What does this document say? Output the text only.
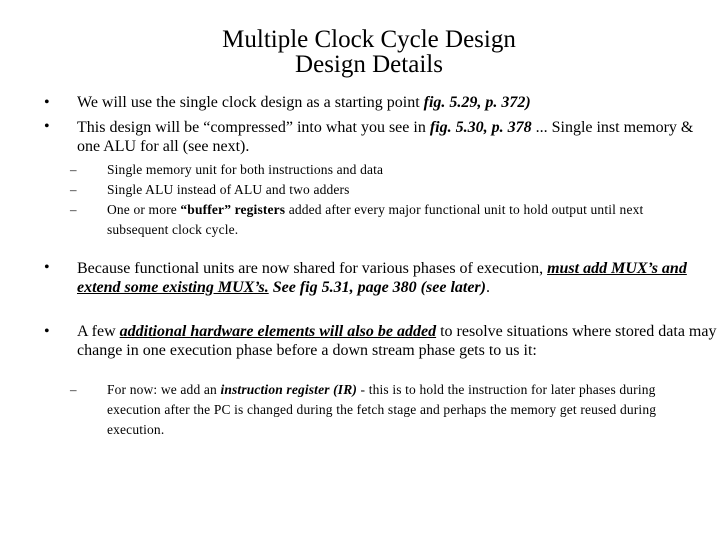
Multiple Clock Cycle Design
Design Details
• We will use the single clock design as a starting point fig. 5.29, p. 372)
• This design will be “compressed” into what you see in fig. 5.30, p. 378 ... Single inst memory & one ALU for all (see next).
– Single memory unit for both instructions and data
– Single ALU instead of ALU and two adders
– One or more “buffer” registers added after every major functional unit to hold output until next subsequent clock cycle.
• Because functional units are now shared for various phases of execution, must add MUX’s and extend some existing MUX’s. See fig 5.31, page 380 (see later).
• A few additional hardware elements will also be added to resolve situations where stored data may change in one execution phase before a down stream phase gets to us it:
– For now: we add an instruction register (IR) - this is to hold the instruction for later phases during execution after the PC is changed during the fetch stage and perhaps the memory get reused during execution.
